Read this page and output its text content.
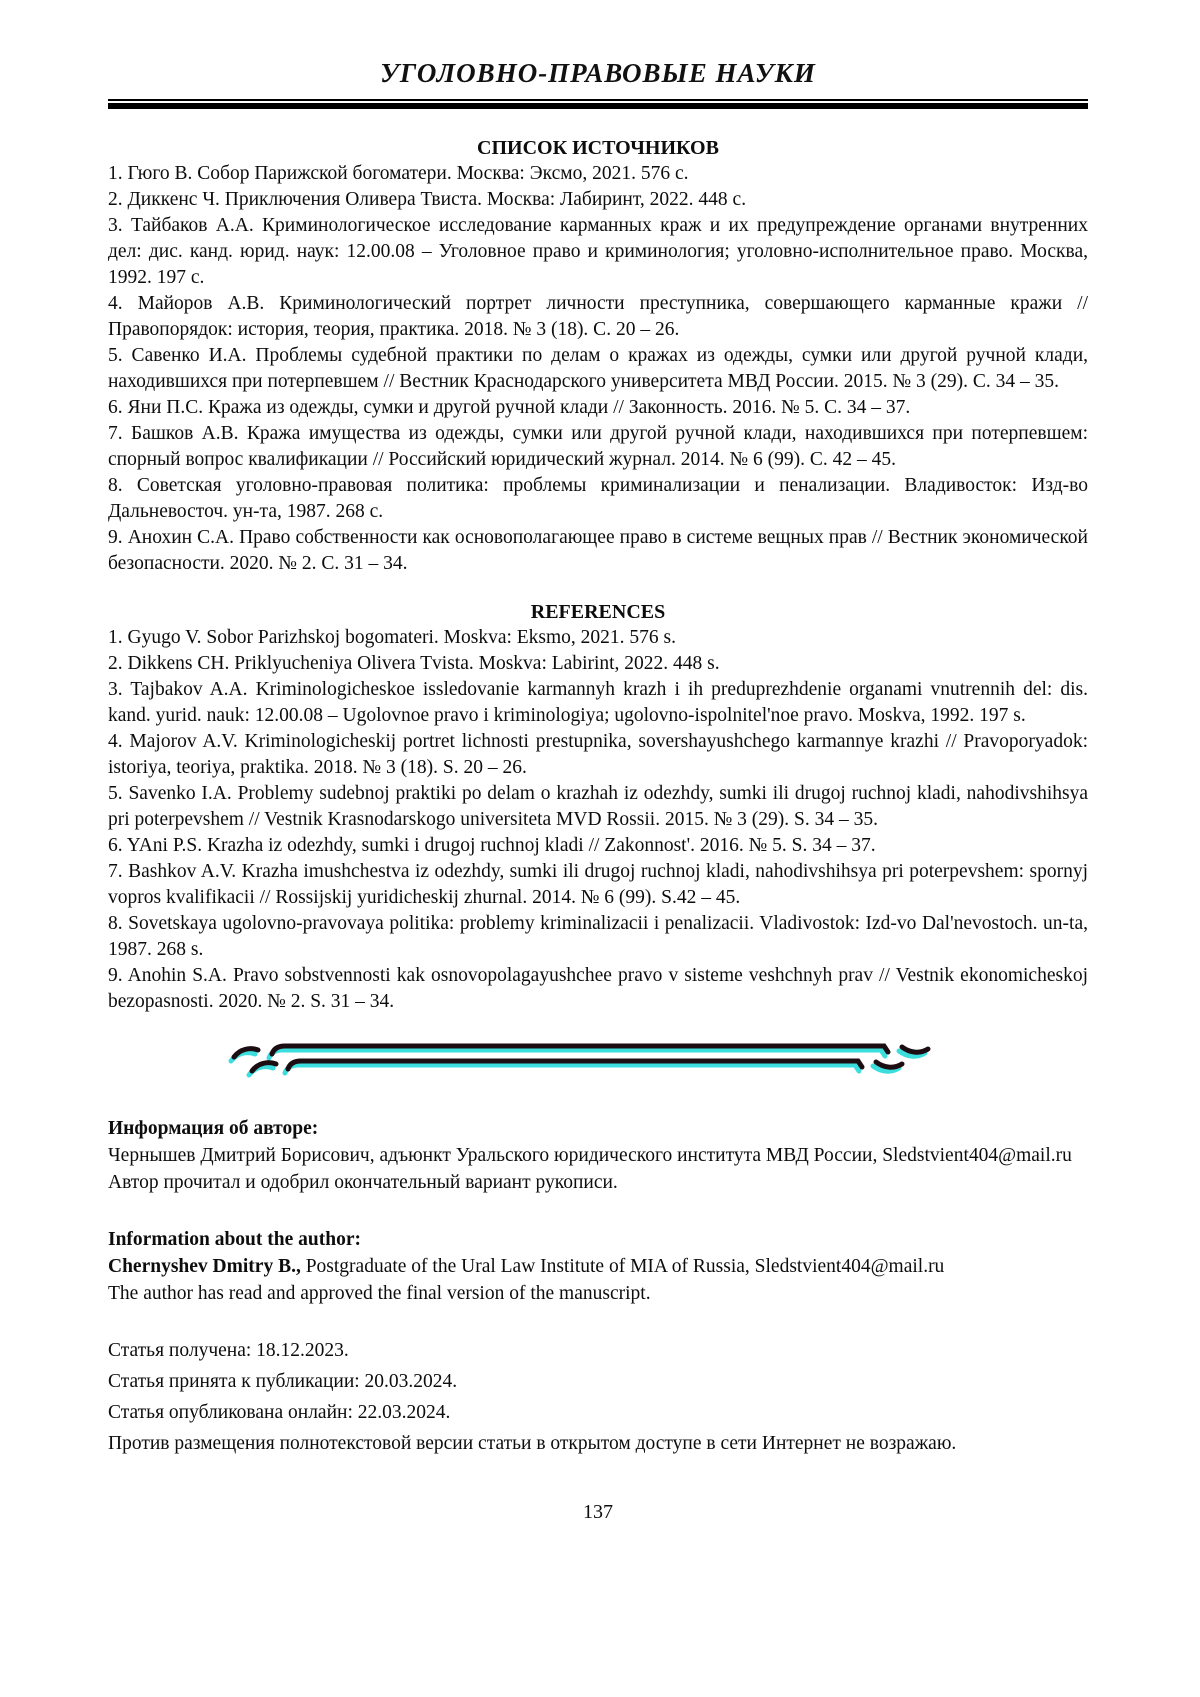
УГОЛОВНО-ПРАВОВЫЕ НАУКИ
СПИСОК ИСТОЧНИКОВ

1. Гюго В. Собор Парижской богоматери. Москва: Эксмо, 2021. 576 с.

2. Диккенс Ч. Приключения Оливера Твиста. Москва: Лабиринт, 2022. 448 с.

3. Тайбаков А.А. Криминологическое исследование карманных краж и их предупреждение органами внутренних дел: дис. канд. юрид. наук: 12.00.08 – Уголовное право и криминология; уголовно-исполнительное право. Москва, 1992. 197 с.

4. Майоров А.В. Криминологический портрет личности преступника, совершающего карманные кражи // Правопорядок: история, теория, практика. 2018. № 3 (18). С. 20 – 26.

5. Савенко И.А. Проблемы судебной практики по делам о кражах из одежды, сумки или другой ручной клади, находившихся при потерпевшем // Вестник Краснодарского университета МВД России. 2015. № 3 (29). С. 34 – 35.

6. Яни П.С. Кража из одежды, сумки и другой ручной клади // Законность. 2016. № 5. С. 34 – 37.

7. Башков А.В. Кража имущества из одежды, сумки или другой ручной клади, находившихся при потерпевшем: спорный вопрос квалификации // Российский юридический журнал. 2014. № 6 (99). С. 42 – 45.

8. Советская уголовно-правовая политика: проблемы криминализации и пенализации. Владивосток: Изд-во Дальневосточ. ун-та, 1987. 268 с.

9. Анохин С.А. Право собственности как основополагающее право в системе вещных прав // Вестник экономической безопасности. 2020. № 2. С. 31 – 34.

REFERENCES

1. Gyugo V. Sobor Parizhskoj bogomateri. Moskva: Eksmo, 2021. 576 s.

2. Dikkens CH. Priklyucheniya Olivera Tvista. Moskva: Labirint, 2022. 448 s.

3. Tajbakov A.A. Kriminologicheskoe issledovanie karmannyh krazh i ih preduprezhdenie organami vnutrennih del: dis. kand. yurid. nauk: 12.00.08 – Ugolovnoe pravo i kriminologiya; ugolovno-ispolnitel'noe pravo. Moskva, 1992. 197 s.

4. Majorov A.V. Kriminologicheskij portret lichnosti prestupnika, sovershayushchego karmannye krazhi // Pravoporyadok: istoriya, teoriya, praktika. 2018. № 3 (18). S. 20 – 26.

5. Savenko I.A. Problemy sudebnoj praktiki po delam o krazhah iz odezhdy, sumki ili drugoj ruchnoj kladi, nahodivshihsya pri poterpevshem // Vestnik Krasnodarskogo universiteta MVD Rossii. 2015. № 3 (29). S. 34 – 35.

6. YAni P.S. Krazha iz odezhdy, sumki i drugoj ruchnoj kladi // Zakonnost'. 2016. № 5. S. 34 – 37.

7. Bashkov A.V. Krazha imushchestva iz odezhdy, sumki ili drugoj ruchnoj kladi, nahodivshihsya pri poterpevshem: spornyj vopros kvalifikacii // Rossijskij yuridicheskij zhurnal. 2014. № 6 (99). S.42 – 45.

8. Sovetskaya ugolovno-pravovaya politika: problemy kriminalizacii i penalizacii. Vladivostok: Izd-vo Dal'nevostoch. un-ta, 1987. 268 s.

9. Anohin S.A. Pravo sobstvennosti kak osnovopolagayushchee pravo v sisteme veshchnyh prav // Vestnik ekonomicheskoj bezopasnosti. 2020. № 2. S. 31 – 34.

Информация об авторе:

Чернышев Дмитрий Борисович, адъюнкт Уральского юридического института МВД России, Sledstvient404@mail.ru

Автор прочитал и одобрил окончательный вариант рукописи.

Information about the author:

Chernyshev Dmitry B., Postgraduate of the Ural Law Institute of MIA of Russia, Sledstvient404@mail.ru

The author has read and approved the final version of the manuscript.

Статья получена: 18.12.2023.

Статья принята к публикации: 20.03.2024.

Статья опубликована онлайн: 22.03.2024.

Против размещения полнотекстовой версии статьи в открытом доступе в сети Интернет не возражаю.

137
